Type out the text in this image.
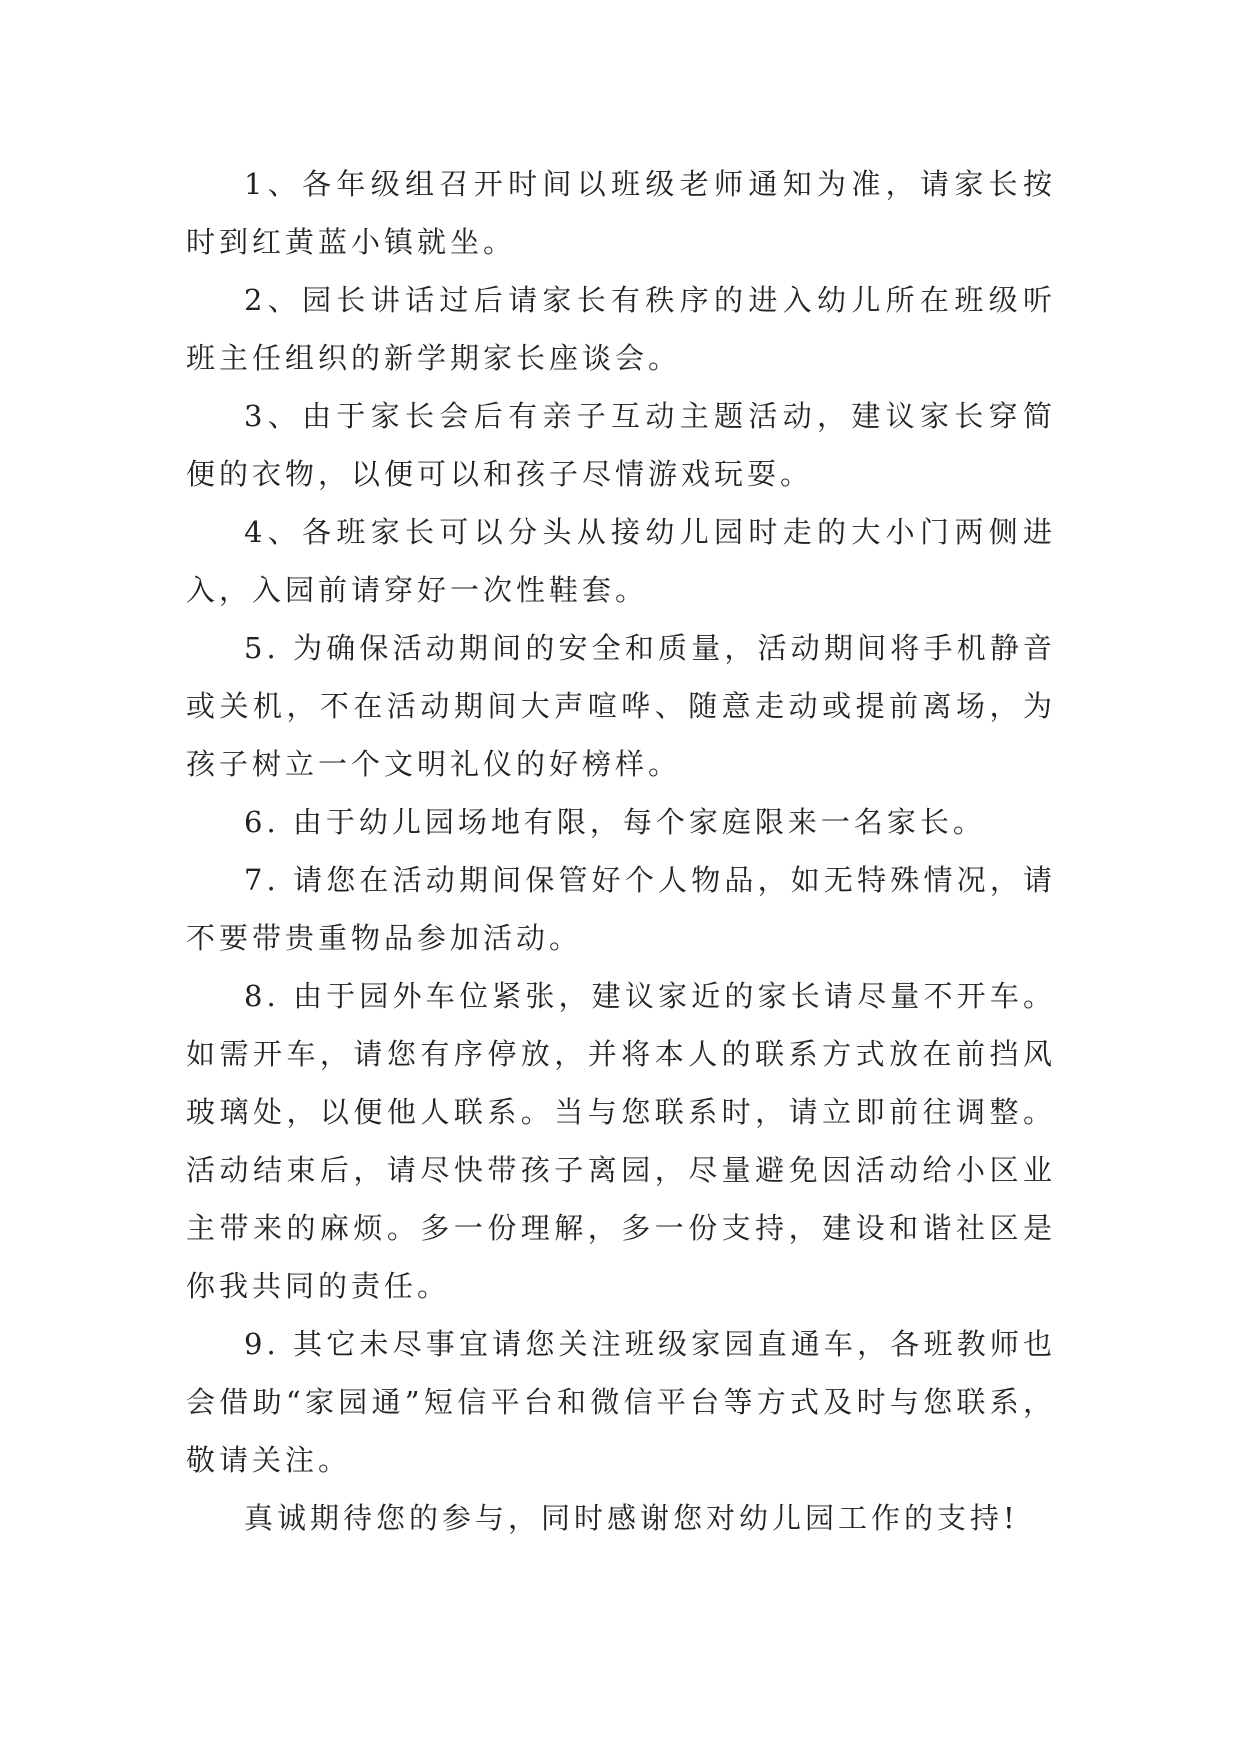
1、各年级组召开时间以班级老师通知为准，请家长按时到红黄蓝小镇就坐。

2、园长讲话过后请家长有秩序的进入幼儿所在班级听班主任组织的新学期家长座谈会。

3、由于家长会后有亲子互动主题活动，建议家长穿简便的衣物，以便可以和孩子尽情游戏玩耍。

4、各班家长可以分头从接幼儿园时走的大小门两侧进入，入园前请穿好一次性鞋套。

5. 为确保活动期间的安全和质量，活动期间将手机静音或关机，不在活动期间大声喧哗、随意走动或提前离场，为孩子树立一个文明礼仪的好榜样。

6. 由于幼儿园场地有限，每个家庭限来一名家长。

7. 请您在活动期间保管好个人物品，如无特殊情况，请不要带贵重物品参加活动。

8. 由于园外车位紧张，建议家近的家长请尽量不开车。如需开车，请您有序停放，并将本人的联系方式放在前挡风玻璃处，以便他人联系。当与您联系时，请立即前往调整。活动结束后，请尽快带孩子离园，尽量避免因活动给小区业主带来的麻烦。多一份理解，多一份支持，建设和谐社区是你我共同的责任。

9. 其它未尽事宜请您关注班级家园直通车，各班教师也会借助“家园通”短信平台和微信平台等方式及时与您联系，敬请关注。

真诚期待您的参与，同时感谢您对幼儿园工作的支持!
